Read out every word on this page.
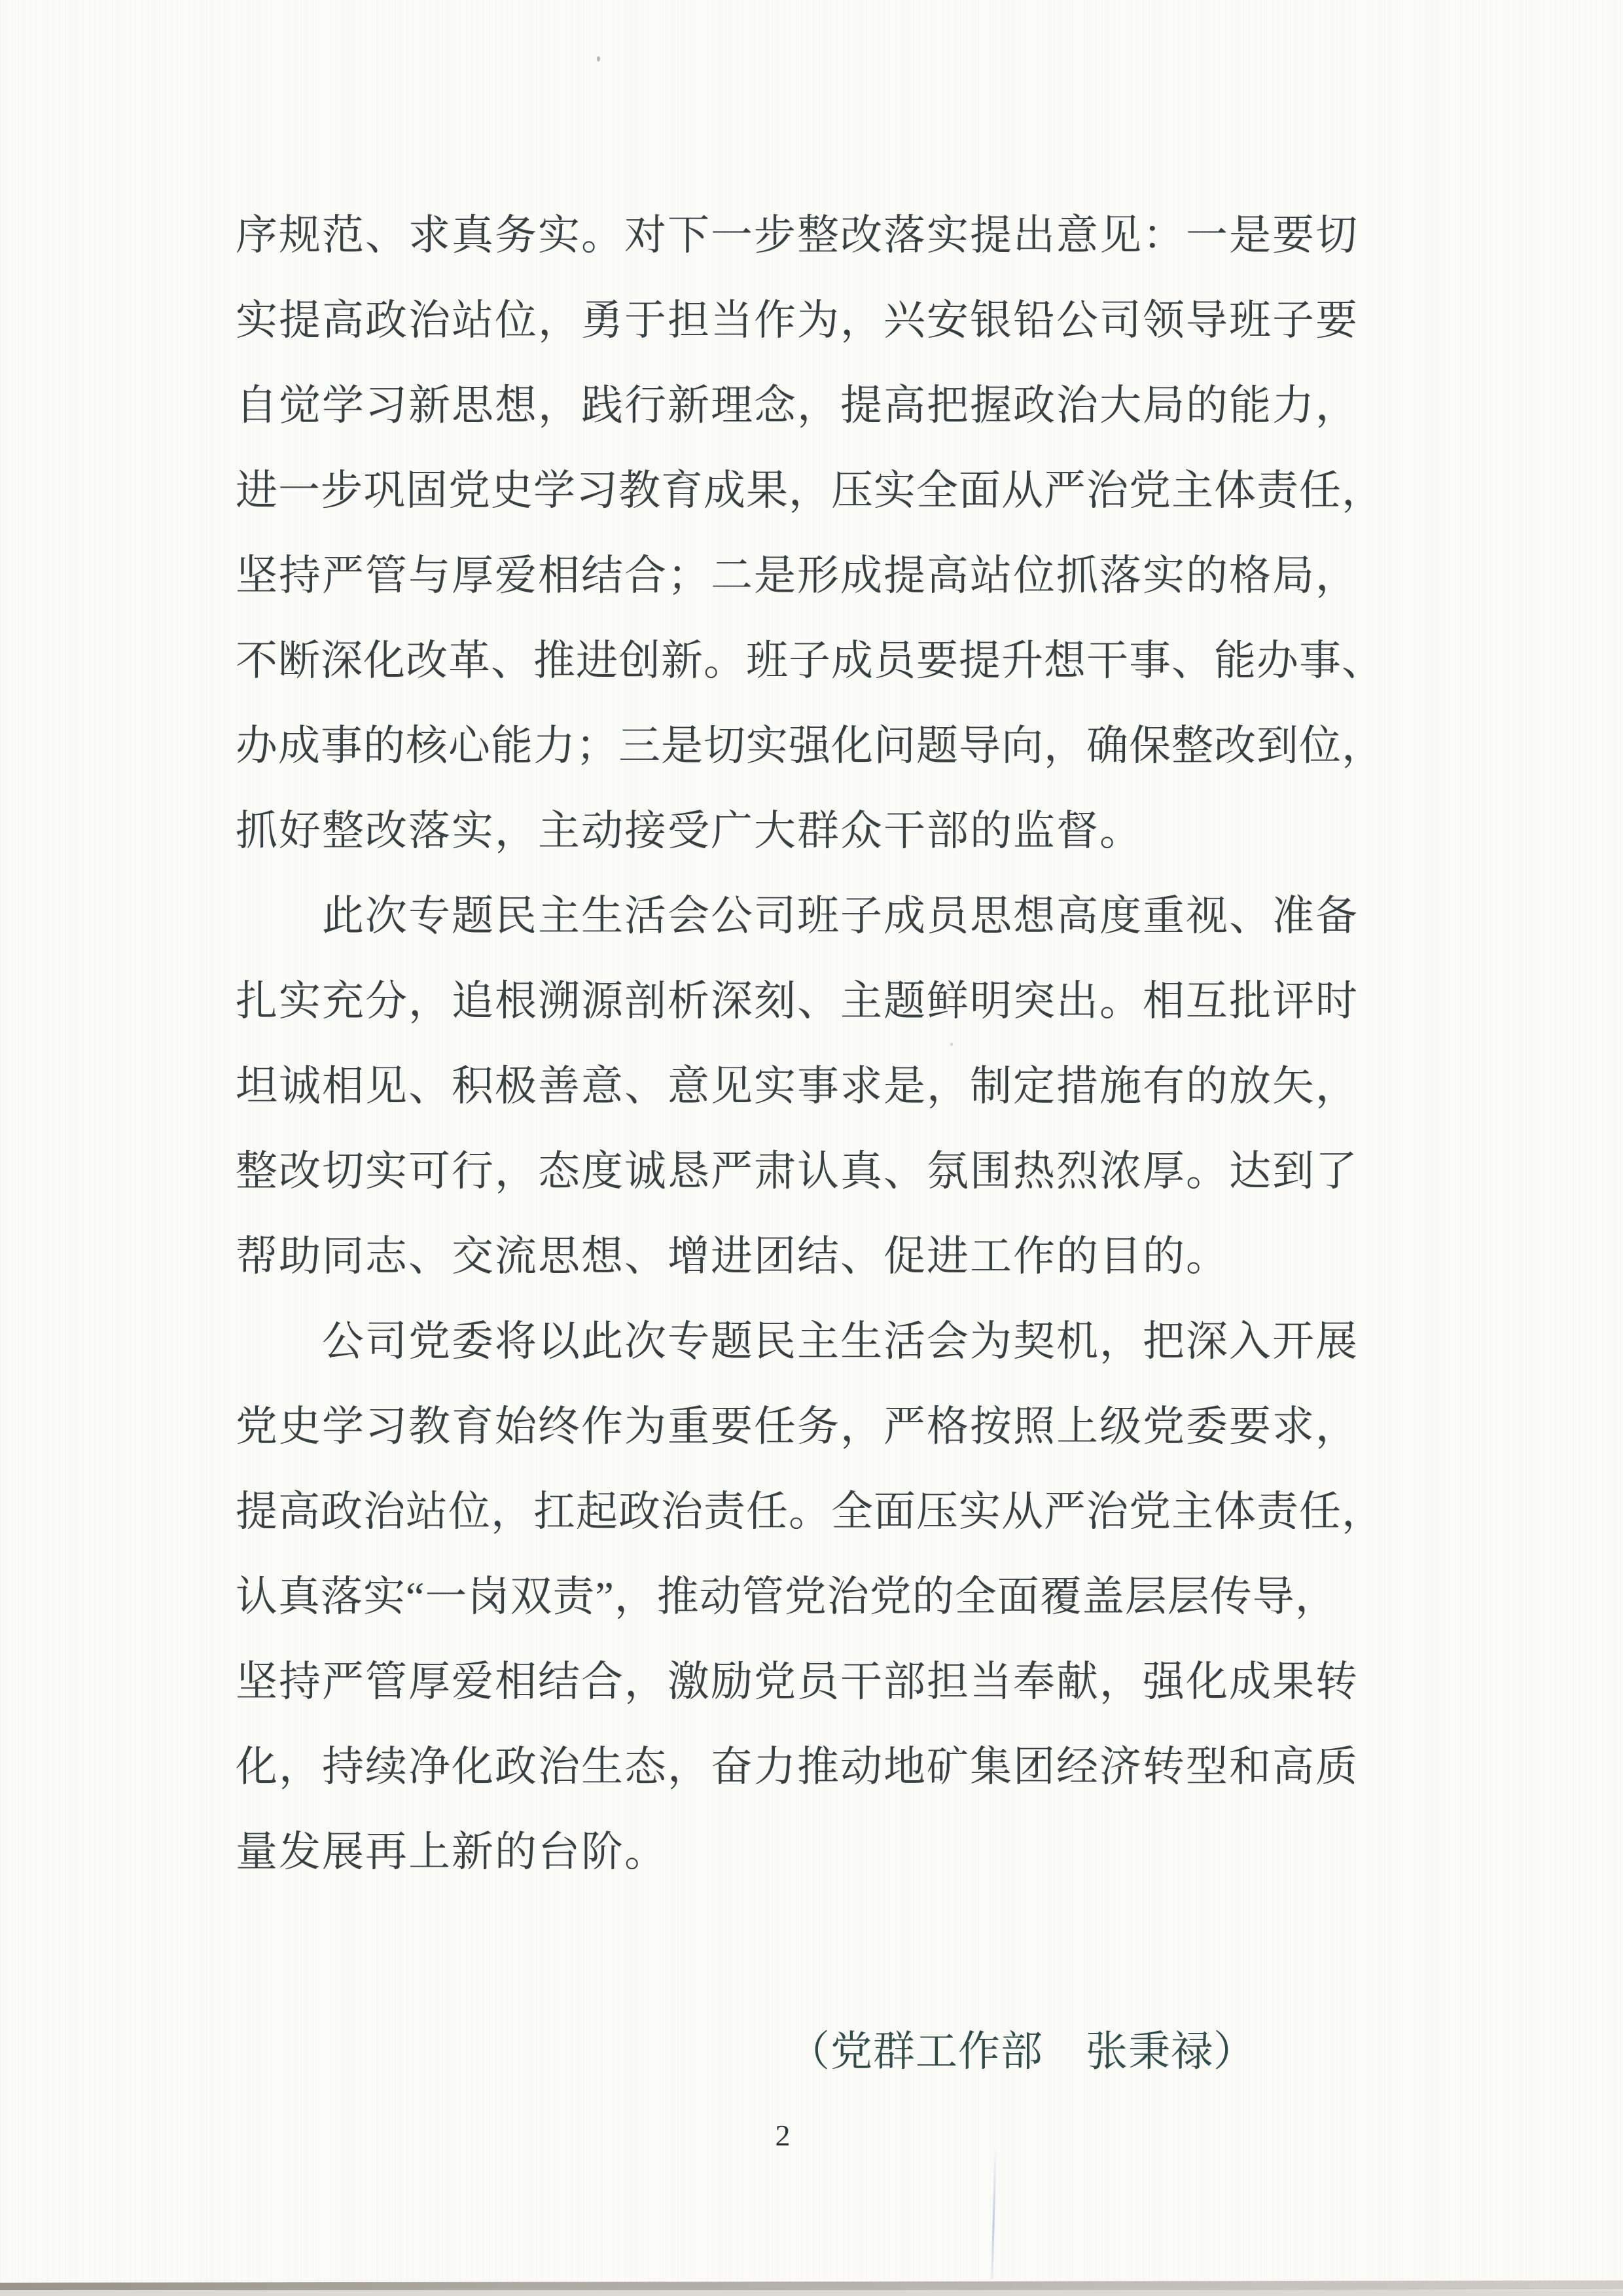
序规范、求真务实。对下一步整改落实提出意见：一是要切
实提高政治站位，勇于担当作为，兴安银铅公司领导班子要
自觉学习新思想，践行新理念，提高把握政治大局的能力，
进一步巩固党史学习教育成果，压实全面从严治党主体责任，
坚持严管与厚爱相结合；二是形成提高站位抓落实的格局，
不断深化改革、推进创新。班子成员要提升想干事、能办事、
办成事的核心能力；三是切实强化问题导向，确保整改到位，
抓好整改落实，主动接受广大群众干部的监督。
此次专题民主生活会公司班子成员思想高度重视、准备
扎实充分，追根溯源剖析深刻、主题鲜明突出。相互批评时
坦诚相见、积极善意、意见实事求是，制定措施有的放矢，
整改切实可行，态度诚恳严肃认真、氛围热烈浓厚。达到了
帮助同志、交流思想、增进团结、促进工作的目的。
公司党委将以此次专题民主生活会为契机，把深入开展
党史学习教育始终作为重要任务，严格按照上级党委要求，
提高政治站位，扛起政治责任。全面压实从严治党主体责任，
认真落实“一岗双责”，推动管党治党的全面覆盖层层传导，
坚持严管厚爱相结合，激励党员干部担当奉献，强化成果转
化，持续净化政治生态，奋力推动地矿集团经济转型和高质
量发展再上新的台阶。
（党群工作部　张秉禄）
2
